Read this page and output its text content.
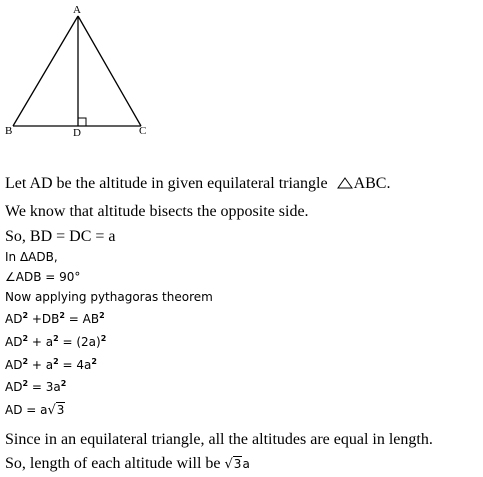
A
B	C
D
Let AD be the altitude in given equilateral triangle ABC.
We know that altitude bisects the opposite side.
So, BD = DC = a
In ΔADB,
∠ADB = 90°
Now applying pythagoras theorem
$AD^2 +DB^2 = AB^2$
$AD^2 + a^2 = (2a)^2$
$AD^2 + a^2 = 4a^2$
$AD^2 = 3a^2$
AD = a√3
Since in an equilateral triangle, all the altitudes are equal in length.
So, length of each altitude will be √3a
